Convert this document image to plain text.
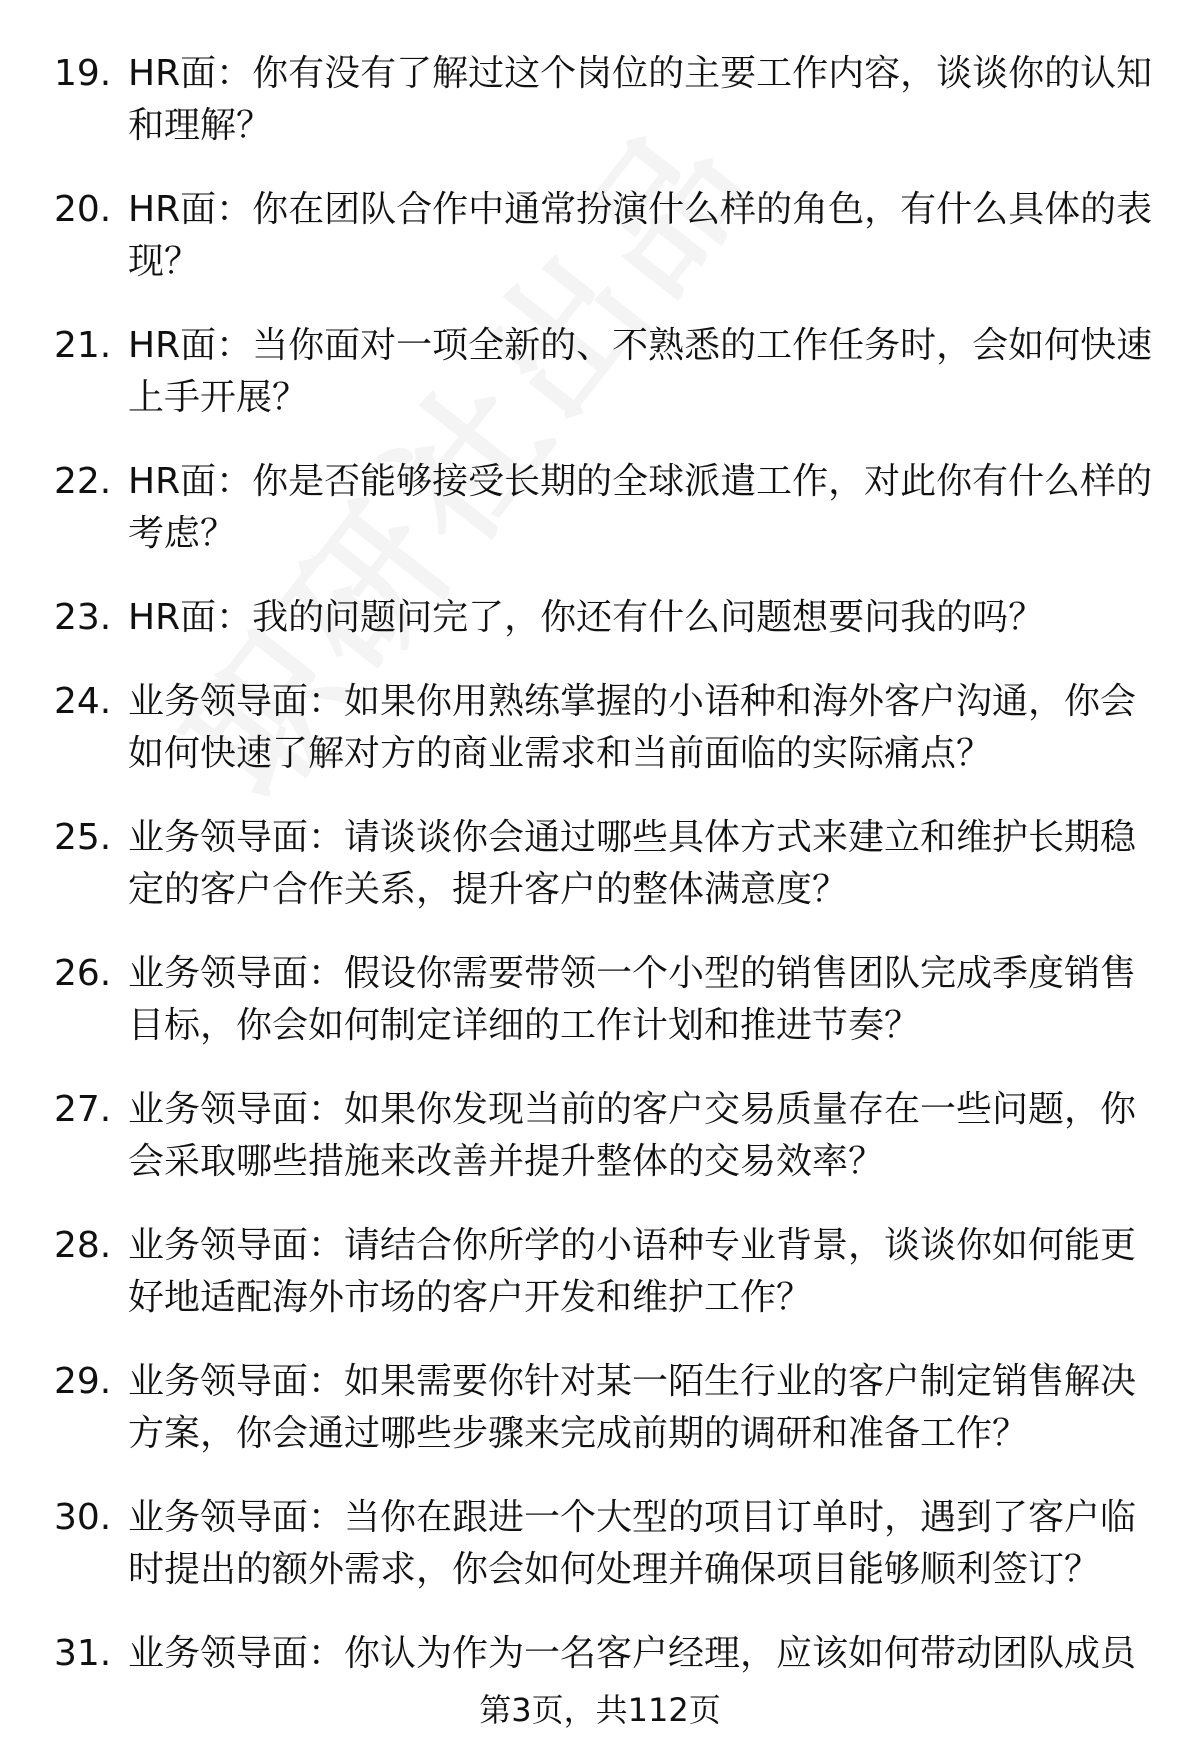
19. HR面：你有没有了解过这个岗位的主要工作内容，谈谈你的认知和理解？
20. HR面：你在团队合作中通常扮演什么样的角色，有什么具体的表现？
21. HR面：当你面对一项全新的、不熟悉的工作任务时，会如何快速上手开展？
22. HR面：你是否能够接受长期的全球派遣工作，对此你有什么样的考虑？
23. HR面：我的问题问完了，你还有什么问题想要问我的吗？
24. 业务领导面：如果你用熟练掌握的小语种和海外客户沟通，你会如何快速了解对方的商业需求和当前面临的实际痛点？
25. 业务领导面：请谈谈你会通过哪些具体方式来建立和维护长期稳定的客户合作关系，提升客户的整体满意度？
26. 业务领导面：假设你需要带领一个小型的销售团队完成季度销售目标，你会如何制定详细的工作计划和推进节奏？
27. 业务领导面：如果你发现当前的客户交易质量存在一些问题，你会采取哪些措施来改善并提升整体的交易效率？
28. 业务领导面：请结合你所学的小语种专业背景，谈谈你如何能更好地适配海外市场的客户开发和维护工作？
29. 业务领导面：如果需要你针对某一陌生行业的客户制定销售解决方案，你会通过哪些步骤来完成前期的调研和准备工作？
30. 业务领导面：当你在跟进一个大型的项目订单时，遇到了客户临时提出的额外需求，你会如何处理并确保项目能够顺利签订？
31. 业务领导面：你认为作为一名客户经理，应该如何带动团队成员
第3页，共112页
